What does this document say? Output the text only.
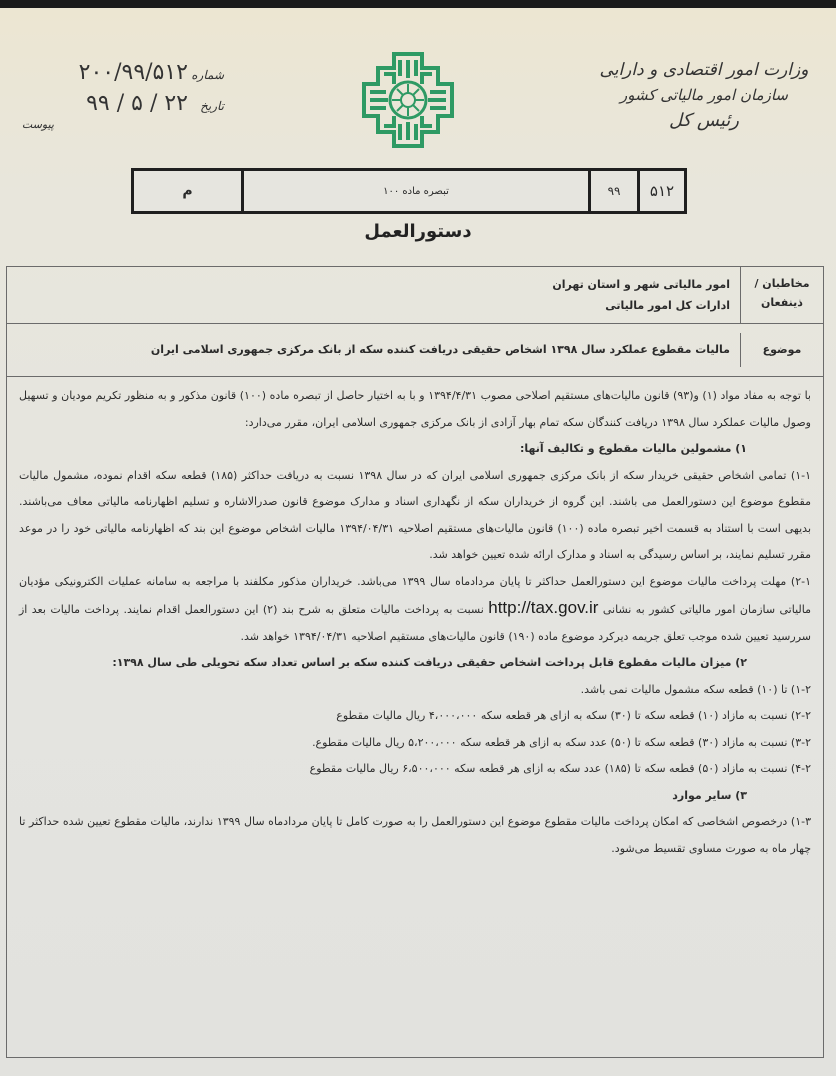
شماره
۲۰۰/۹۹/۵۱۲
تاریخ
۲۲ / ۵ / ۹۹
پیوست
وزارت امور اقتصادی و دارایی
سازمان امور مالیاتی کشور
رئیس کل
۵۱۲
۹۹
تبصره ماده ۱۰۰
م
دستورالعمل
مخاطبان / ذینفعان
امور مالیاتی شهر و استان تهران
ادارات کل امور مالیاتی
موضوع
مالیات مقطوع عملکرد سال ۱۳۹۸ اشخاص حقیقی دریافت کننده سکه از بانک مرکزی جمهوری اسلامی ایران

با توجه به مفاد مواد (۱) و(۹۳) قانون مالیات‌های مستقیم اصلاحی مصوب ۱۳۹۴/۴/۳۱ و با به اختیار حاصل از تبصره ماده (۱۰۰) قانون مذکور و به منظور تکریم مودیان و تسهیل وصول مالیات عملکرد سال ۱۳۹۸ دریافت کنندگان سکه تمام بهار آزادی از بانک مرکزی جمهوری اسلامی ایران، مقرر می‌دارد:

۱) مشمولین مالیات مقطوع و تکالیف آنها:

۱-۱) تمامی اشخاص حقیقی خریدار سکه از بانک مرکزی جمهوری اسلامی ایران که در سال ۱۳۹۸ نسبت به دریافت حداکثر (۱۸۵) قطعه سکه اقدام نموده، مشمول مالیات مقطوع موضوع این دستورالعمل می باشند. این گروه از خریداران سکه از نگهداری اسناد و مدارک موضوع قانون صدرالاشاره و تسلیم اظهارنامه مالیاتی معاف می‌باشند. بدیهی است با استناد به قسمت اخیر تبصره ماده (۱۰۰) قانون مالیات‌های مستقیم اصلاحیه ۱۳۹۴/۰۴/۳۱ مالیات اشخاص موضوع این بند که اظهارنامه مالیاتی خود را در موعد مقرر تسلیم نمایند، بر اساس رسیدگی به اسناد و مدارک ارائه شده تعیین خواهد شد.

۲-۱) مهلت پرداخت مالیات موضوع این دستورالعمل حداکثر تا پایان مردادماه سال ۱۳۹۹ می‌باشد. خریداران مذکور مکلفند با مراجعه به سامانه عملیات الکترونیکی مؤدیان مالیاتی سازمان امور مالیاتی کشور به نشانی http://tax.gov.ir نسبت به پرداخت مالیات متعلق به شرح بند (۲) این دستورالعمل اقدام نمایند. پرداخت مالیات بعد از سررسید تعیین شده موجب تعلق جریمه دیرکرد موضوع ماده (۱۹۰) قانون مالیات‌های مستقیم اصلاحیه ۱۳۹۴/۰۴/۳۱ خواهد شد.

۲) میزان مالیات مقطوع قابل پرداخت اشخاص حقیقی دریافت کننده سکه بر اساس تعداد سکه تحویلی طی سال ۱۳۹۸:

۱-۲) تا (۱۰) قطعه سکه مشمول مالیات نمی باشد.

۲-۲) نسبت به مازاد (۱۰) قطعه سکه تا (۳۰) سکه به ازای هر قطعه سکه ۴،۰۰۰،۰۰۰ ریال مالیات مقطوع

۳-۲) نسبت به مازاد (۳۰) قطعه سکه تا (۵۰) عدد سکه به ازای هر قطعه سکه ۵،۲۰۰،۰۰۰ ریال مالیات مقطوع.

۴-۲) نسبت به مازاد (۵۰) قطعه سکه تا (۱۸۵) عدد سکه به ازای هر قطعه سکه ۶،۵۰۰،۰۰۰ ریال مالیات مقطوع

۳) سایر موارد

۱-۳) درخصوص اشخاصی که امکان پرداخت مالیات مقطوع موضوع این دستورالعمل را به صورت کامل تا پایان مردادماه سال ۱۳۹۹ ندارند، مالیات مقطوع تعیین شده حداکثر تا چهار ماه به صورت مساوی تقسیط می‌شود.
